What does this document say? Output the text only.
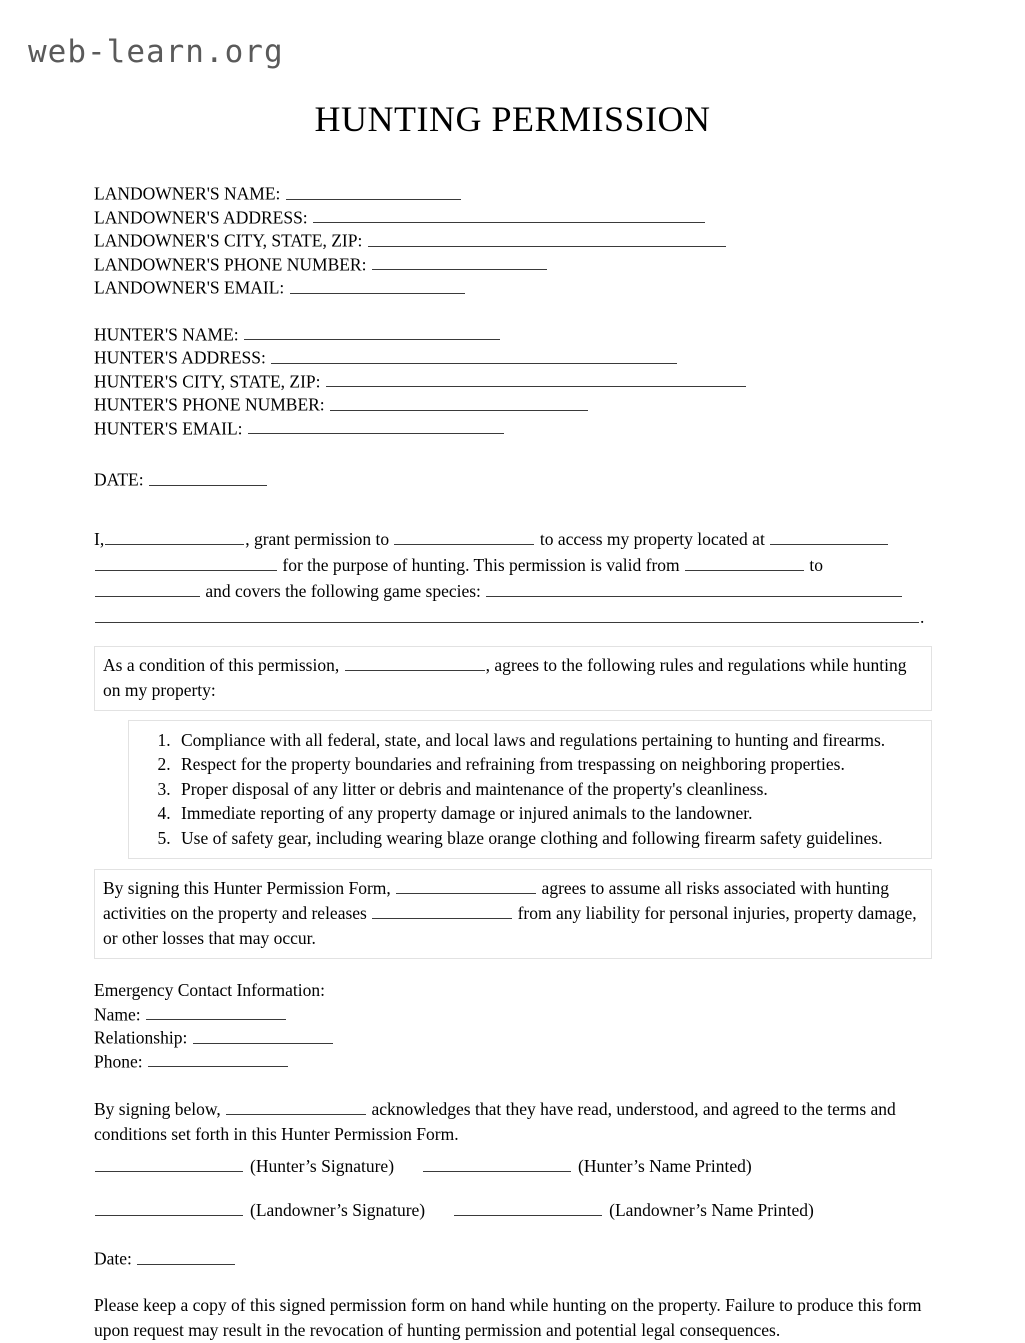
web-learn.org
HUNTING PERMISSION
LANDOWNER'S NAME:
LANDOWNER'S ADDRESS:
LANDOWNER'S CITY, STATE, ZIP:
LANDOWNER'S PHONE NUMBER:
LANDOWNER'S EMAIL:
HUNTER'S NAME:
HUNTER'S ADDRESS:
HUNTER'S CITY, STATE, ZIP:
HUNTER'S PHONE NUMBER:
HUNTER'S EMAIL:
DATE:
I,	, grant permission to	to access my property located at
for the purpose of hunting. This permission is valid from	to
and covers the following game species:
.
As a condition of this permission,	, agrees to the following rules and regulations while hunting on my property:
1. Compliance with all federal, state, and local laws and regulations pertaining to hunting and firearms.
2. Respect for the property boundaries and refraining from trespassing on neighboring properties.
3. Proper disposal of any litter or debris and maintenance of the property's cleanliness.
4. Immediate reporting of any property damage or injured animals to the landowner.
5. Use of safety gear, including wearing blaze orange clothing and following firearm safety guidelines.
By signing this Hunter Permission Form,	agrees to assume all risks associated with hunting activities on the property and releases	from any liability for personal injuries, property damage, or other losses that may occur.
Emergency Contact Information:
Name:
Relationship:
Phone:
By signing below,	acknowledges that they have read, understood, and agreed to the terms and conditions set forth in this Hunter Permission Form.
(Hunter’s Signature)	(Hunter’s Name Printed)
(Landowner’s Signature)	(Landowner’s Name Printed)
Date:
Please keep a copy of this signed permission form on hand while hunting on the property. Failure to produce this form upon request may result in the revocation of hunting permission and potential legal consequences.
